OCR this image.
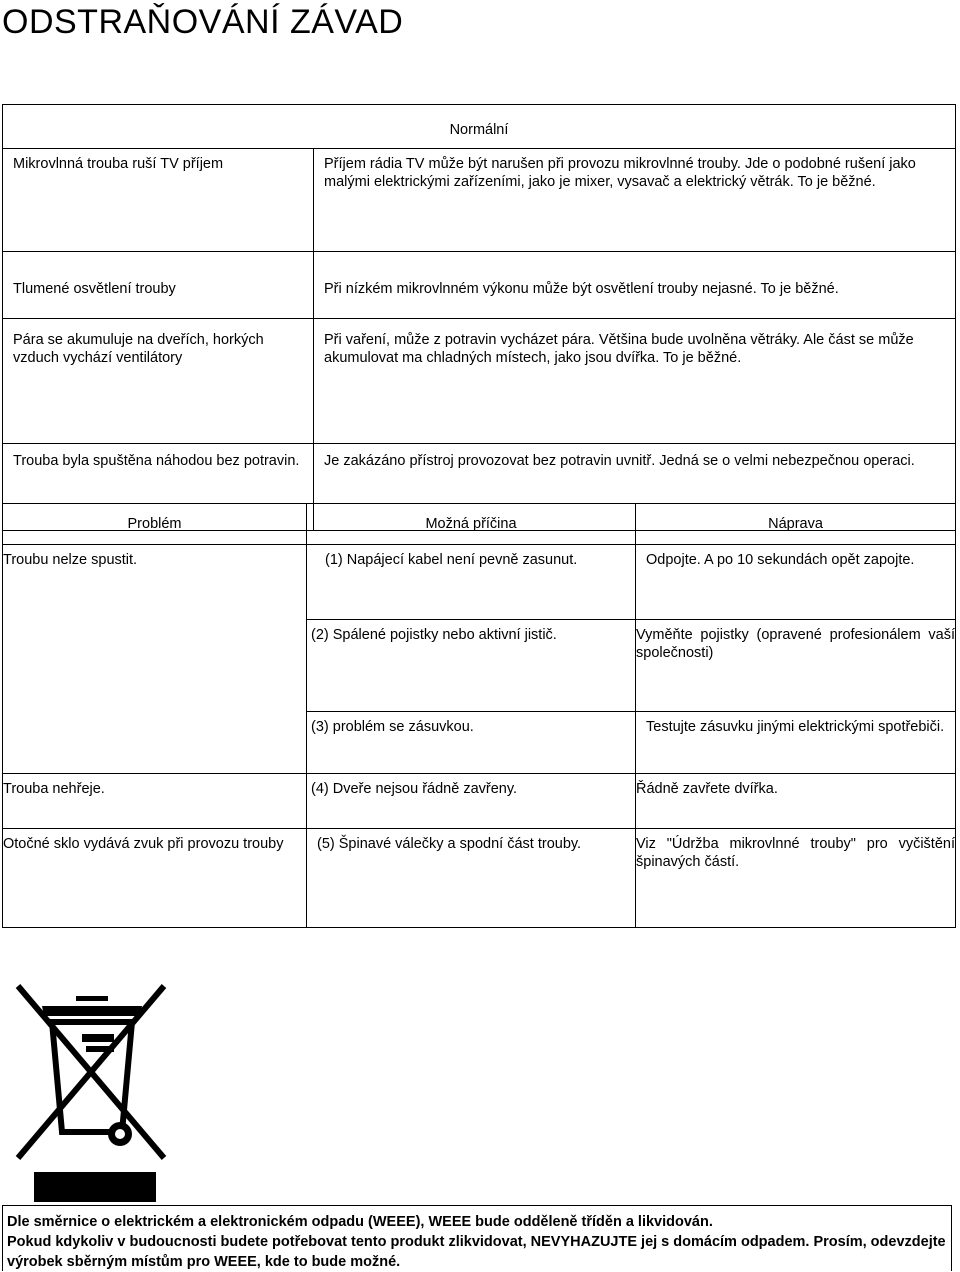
ODSTRAŇOVÁNÍ ZÁVAD
Normální	
Mikrovlnná trouba ruší TV příjem	Příjem rádia TV může být narušen při provozu mikrovlnné trouby. Jde o podobné rušení jako malými elektrickými zařízeními, jako je mixer, vysavač a elektrický větrák. To je běžné.
Tlumené osvětlení trouby	Při nízkém mikrovlnném výkonu může být osvětlení trouby nejasné. To je běžné.
Pára se akumuluje na dveřích, horkých vzduch vychází ventilátory	Při vaření, může z potravin vycházet pára. Většina bude uvolněna větráky. Ale část se může akumulovat ma chladných místech, jako jsou dvířka. To je běžné.
Trouba byla spuštěna náhodou bez potravin.	Je zakázáno přístroj provozovat bez potravin uvnitř. Jedná se o velmi nebezpečnou operaci.
Problém	Možná příčina	Náprava
Troubu nelze spustit.	(1) Napájecí kabel není pevně zasunut.	Odpojte. A po 10 sekundách opět zapojte.
	(2) Spálené pojistky nebo aktivní jistič.	Vyměňte pojistky (opravené profesionálem vaší společnosti)
	(3) problém se zásuvkou.	Testujte zásuvku jinými elektrickými spotřebiči.
Trouba nehřeje.	(4) Dveře nejsou řádně zavřeny.	Řádně zavřete dvířka.
Otočné sklo vydává zvuk při provozu trouby	(5) Špinavé válečky a spodní část trouby.	Viz "Údržba mikrovlnné trouby" pro vyčištění špinavých částí.
Dle směrnice o elektrickém a elektronickém odpadu (WEEE), WEEE bude odděleně tříděn a likvidován.
Pokud kdykoliv v budoucnosti budete potřebovat tento produkt zlikvidovat, NEVYHAZUJTE jej s domácím odpadem. Prosím, odevzdejte výrobek sběrným místům pro WEEE, kde to bude možné.
